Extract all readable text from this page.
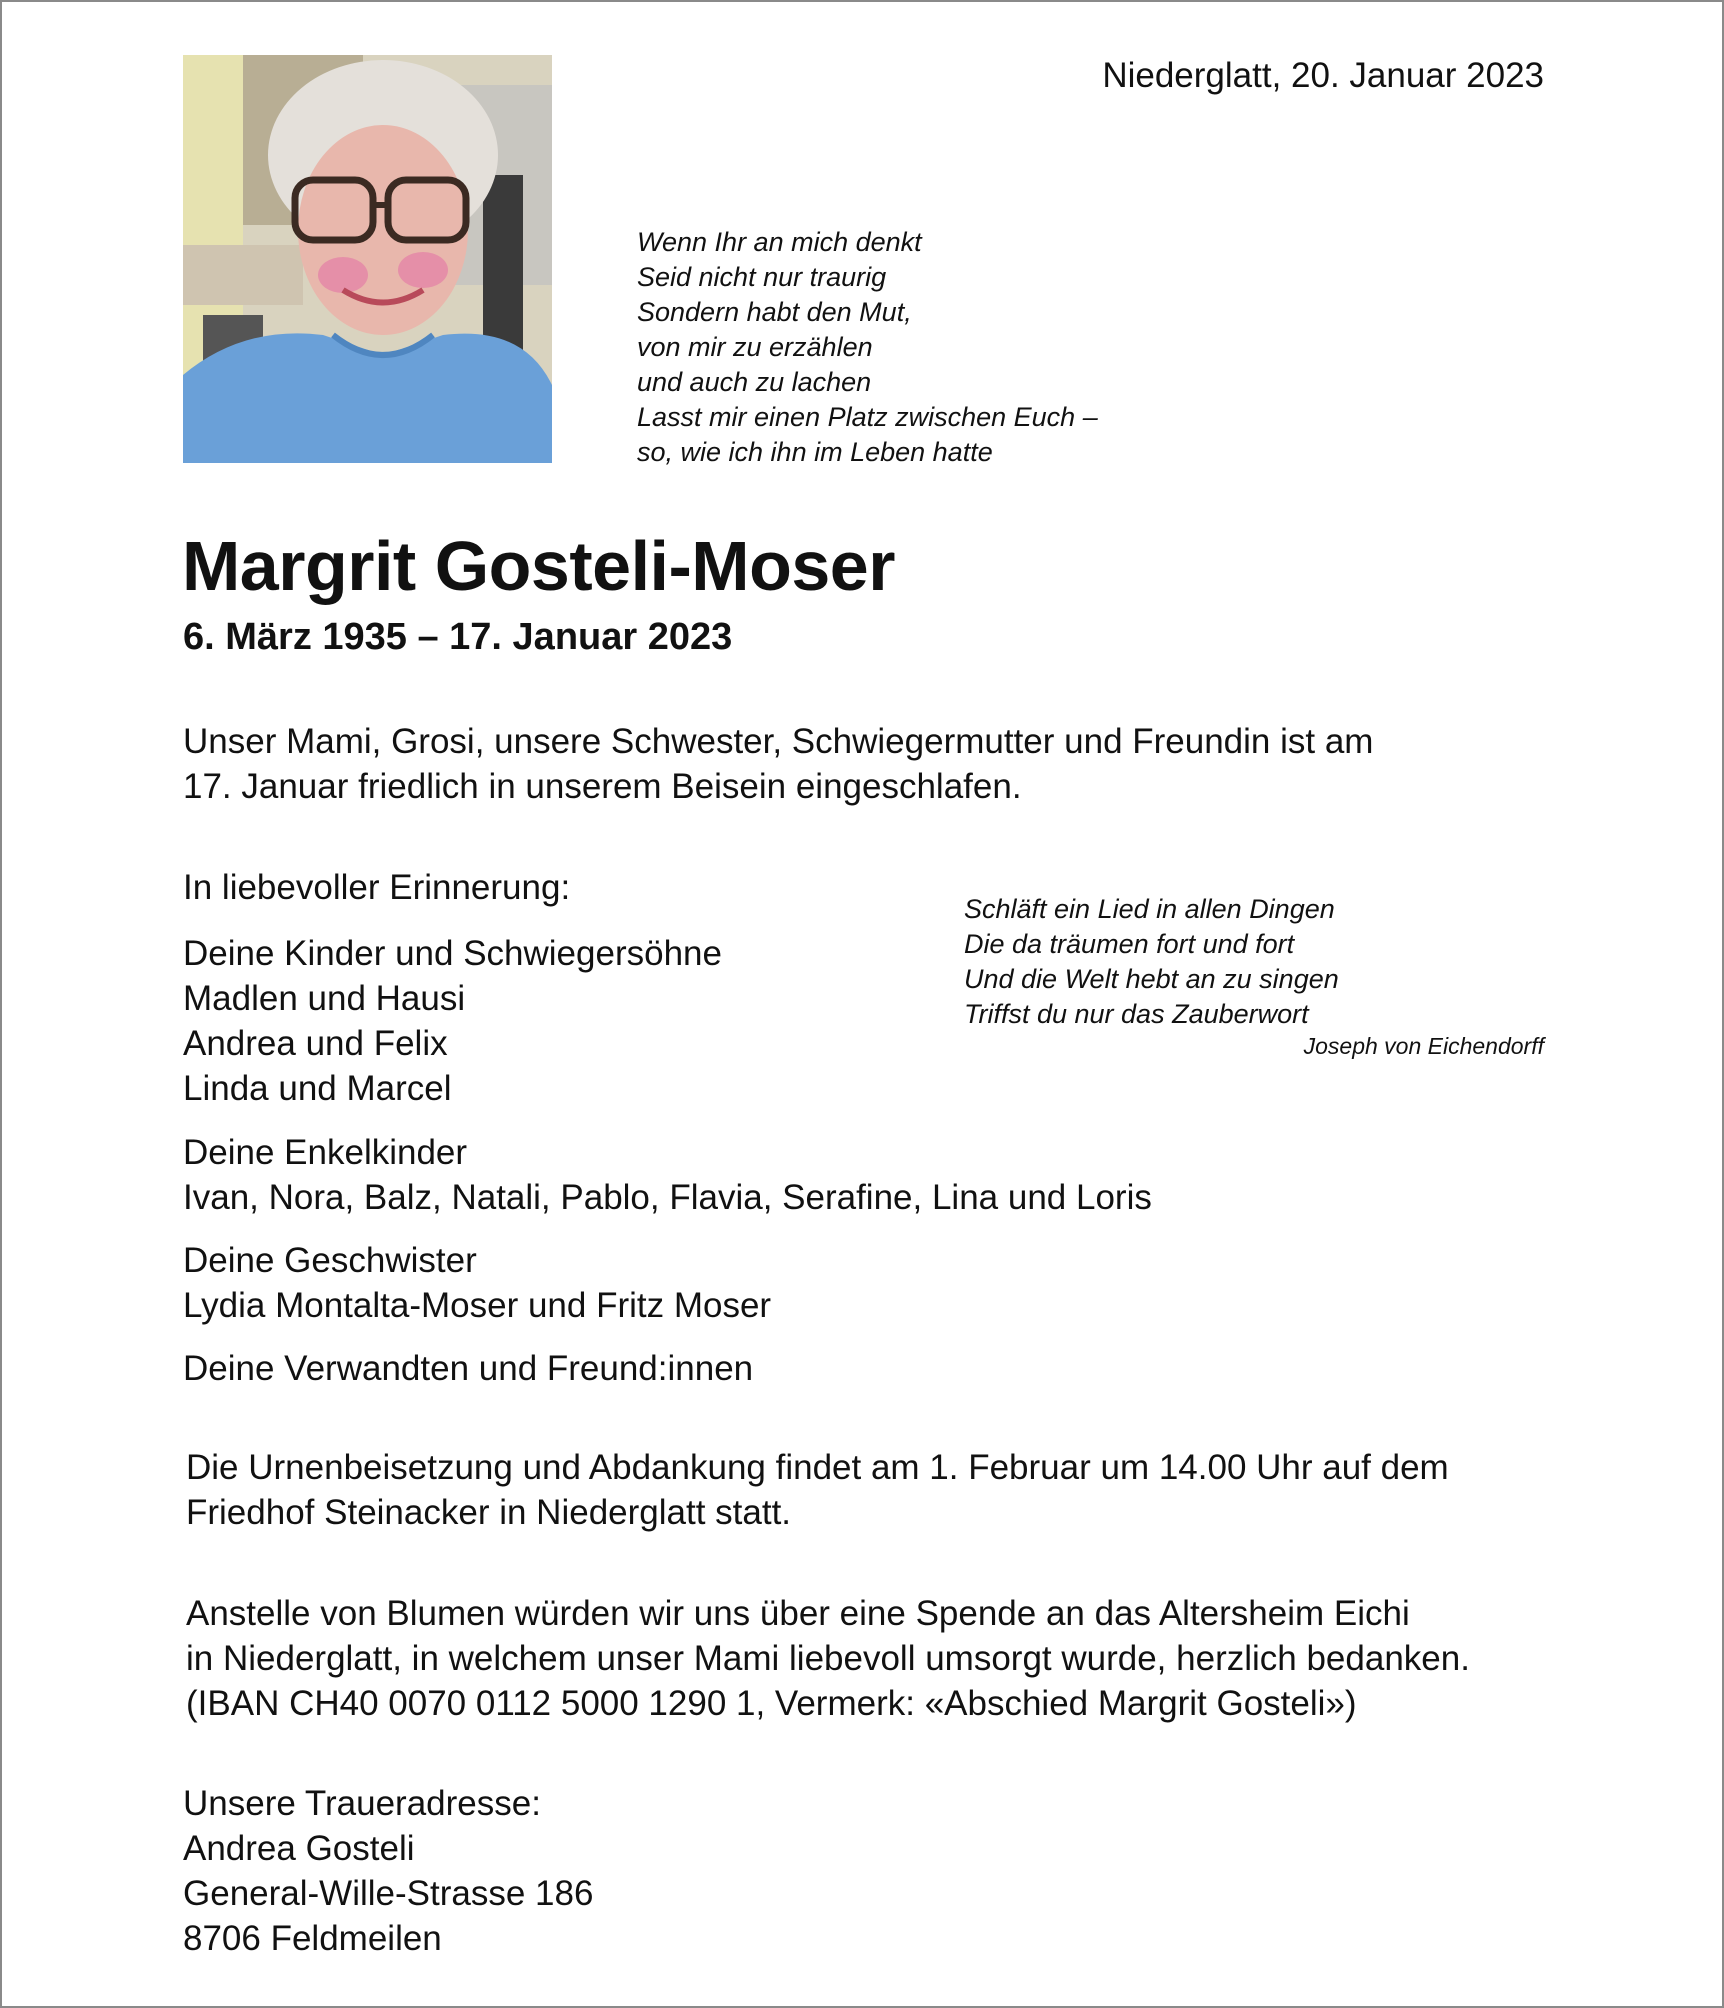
Niederglatt, 20. Januar 2023
Wenn Ihr an mich denkt
Seid nicht nur traurig
Sondern habt den Mut,
von mir zu erzählen
und auch zu lachen
Lasst mir einen Platz zwischen Euch –
so, wie ich ihn im Leben hatte
Margrit Gosteli-Moser
6. März 1935 – 17. Januar 2023
Unser Mami, Grosi, unsere Schwester, Schwiegermutter und Freundin ist am
17. Januar friedlich in unserem Beisein eingeschlafen.
In liebevoller Erinnerung:
Deine Kinder und Schwiegersöhne
Madlen und Hausi
Andrea und Felix
Linda und Marcel
Schläft ein Lied in allen Dingen
Die da träumen fort und fort
Und die Welt hebt an zu singen
Triffst du nur das Zauberwort
Joseph von Eichendorff
Deine Enkelkinder
Ivan, Nora, Balz, Natali, Pablo, Flavia, Serafine, Lina und Loris
Deine Geschwister
Lydia Montalta-Moser und Fritz Moser
Deine Verwandten und Freund:innen
Die Urnenbeisetzung und Abdankung findet am 1. Februar um 14.00 Uhr auf dem
Friedhof Steinacker in Niederglatt statt.
Anstelle von Blumen würden wir uns über eine Spende an das Altersheim Eichi
in Niederglatt, in welchem unser Mami liebevoll umsorgt wurde, herzlich bedanken.
(IBAN CH40 0070 0112 5000 1290 1, Vermerk: «Abschied Margrit Gosteli»)
Unsere Traueradresse:
Andrea Gosteli
General-Wille-Strasse 186
8706 Feldmeilen
